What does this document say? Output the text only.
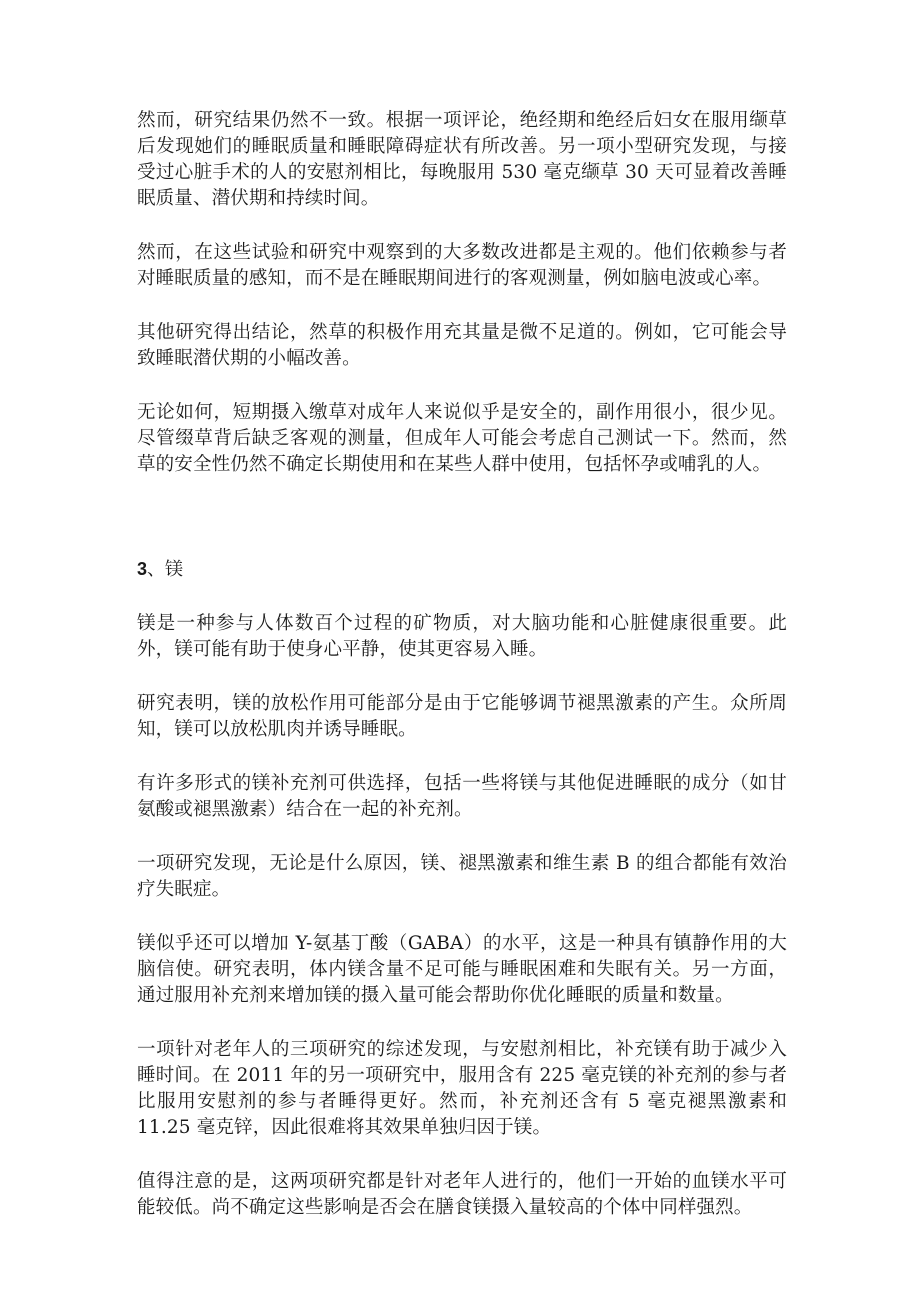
然而，研究结果仍然不一致。根据一项评论，绝经期和绝经后妇女在服用缬草后发现她们的睡眠质量和睡眠障碍症状有所改善。另一项小型研究发现，与接受过心脏手术的人的安慰剂相比，每晚服用 530 毫克缬草 30 天可显着改善睡眠质量、潜伏期和持续时间。

然而，在这些试验和研究中观察到的大多数改进都是主观的。他们依赖参与者对睡眠质量的感知，而不是在睡眠期间进行的客观测量，例如脑电波或心率。

其他研究得出结论，然草的积极作用充其量是微不足道的。例如，它可能会导致睡眠潜伏期的小幅改善。

无论如何，短期摄入缴草对成年人来说似乎是安全的，副作用很小，很少见。尽管缀草背后缺乏客观的测量，但成年人可能会考虑自己测试一下。然而，然草的安全性仍然不确定长期使用和在某些人群中使用，包括怀孕或哺乳的人。

3、镁

镁是一种参与人体数百个过程的矿物质，对大脑功能和心脏健康很重要。此外，镁可能有助于使身心平静，使其更容易入睡。

研究表明，镁的放松作用可能部分是由于它能够调节褪黑激素的产生。众所周知，镁可以放松肌肉并诱导睡眠。

有许多形式的镁补充剂可供选择，包括一些将镁与其他促进睡眠的成分（如甘氨酸或褪黑激素）结合在一起的补充剂。

一项研究发现，无论是什么原因，镁、褪黑激素和维生素 B 的组合都能有效治疗失眠症。

镁似乎还可以增加 Y-氨基丁酸（GABA）的水平，这是一种具有镇静作用的大脑信使。研究表明，体内镁含量不足可能与睡眠困难和失眠有关。另一方面，通过服用补充剂来增加镁的摄入量可能会帮助你优化睡眠的质量和数量。

一项针对老年人的三项研究的综述发现，与安慰剂相比，补充镁有助于减少入睡时间。在 2011 年的另一项研究中，服用含有 225 毫克镁的补充剂的参与者比服用安慰剂的参与者睡得更好。然而，补充剂还含有 5 毫克褪黑激素和 11.25 毫克锌，因此很难将其效果单独归因于镁。

值得注意的是，这两项研究都是针对老年人进行的，他们一开始的血镁水平可能较低。尚不确定这些影响是否会在膳食镁摄入量较高的个体中同样强烈。
